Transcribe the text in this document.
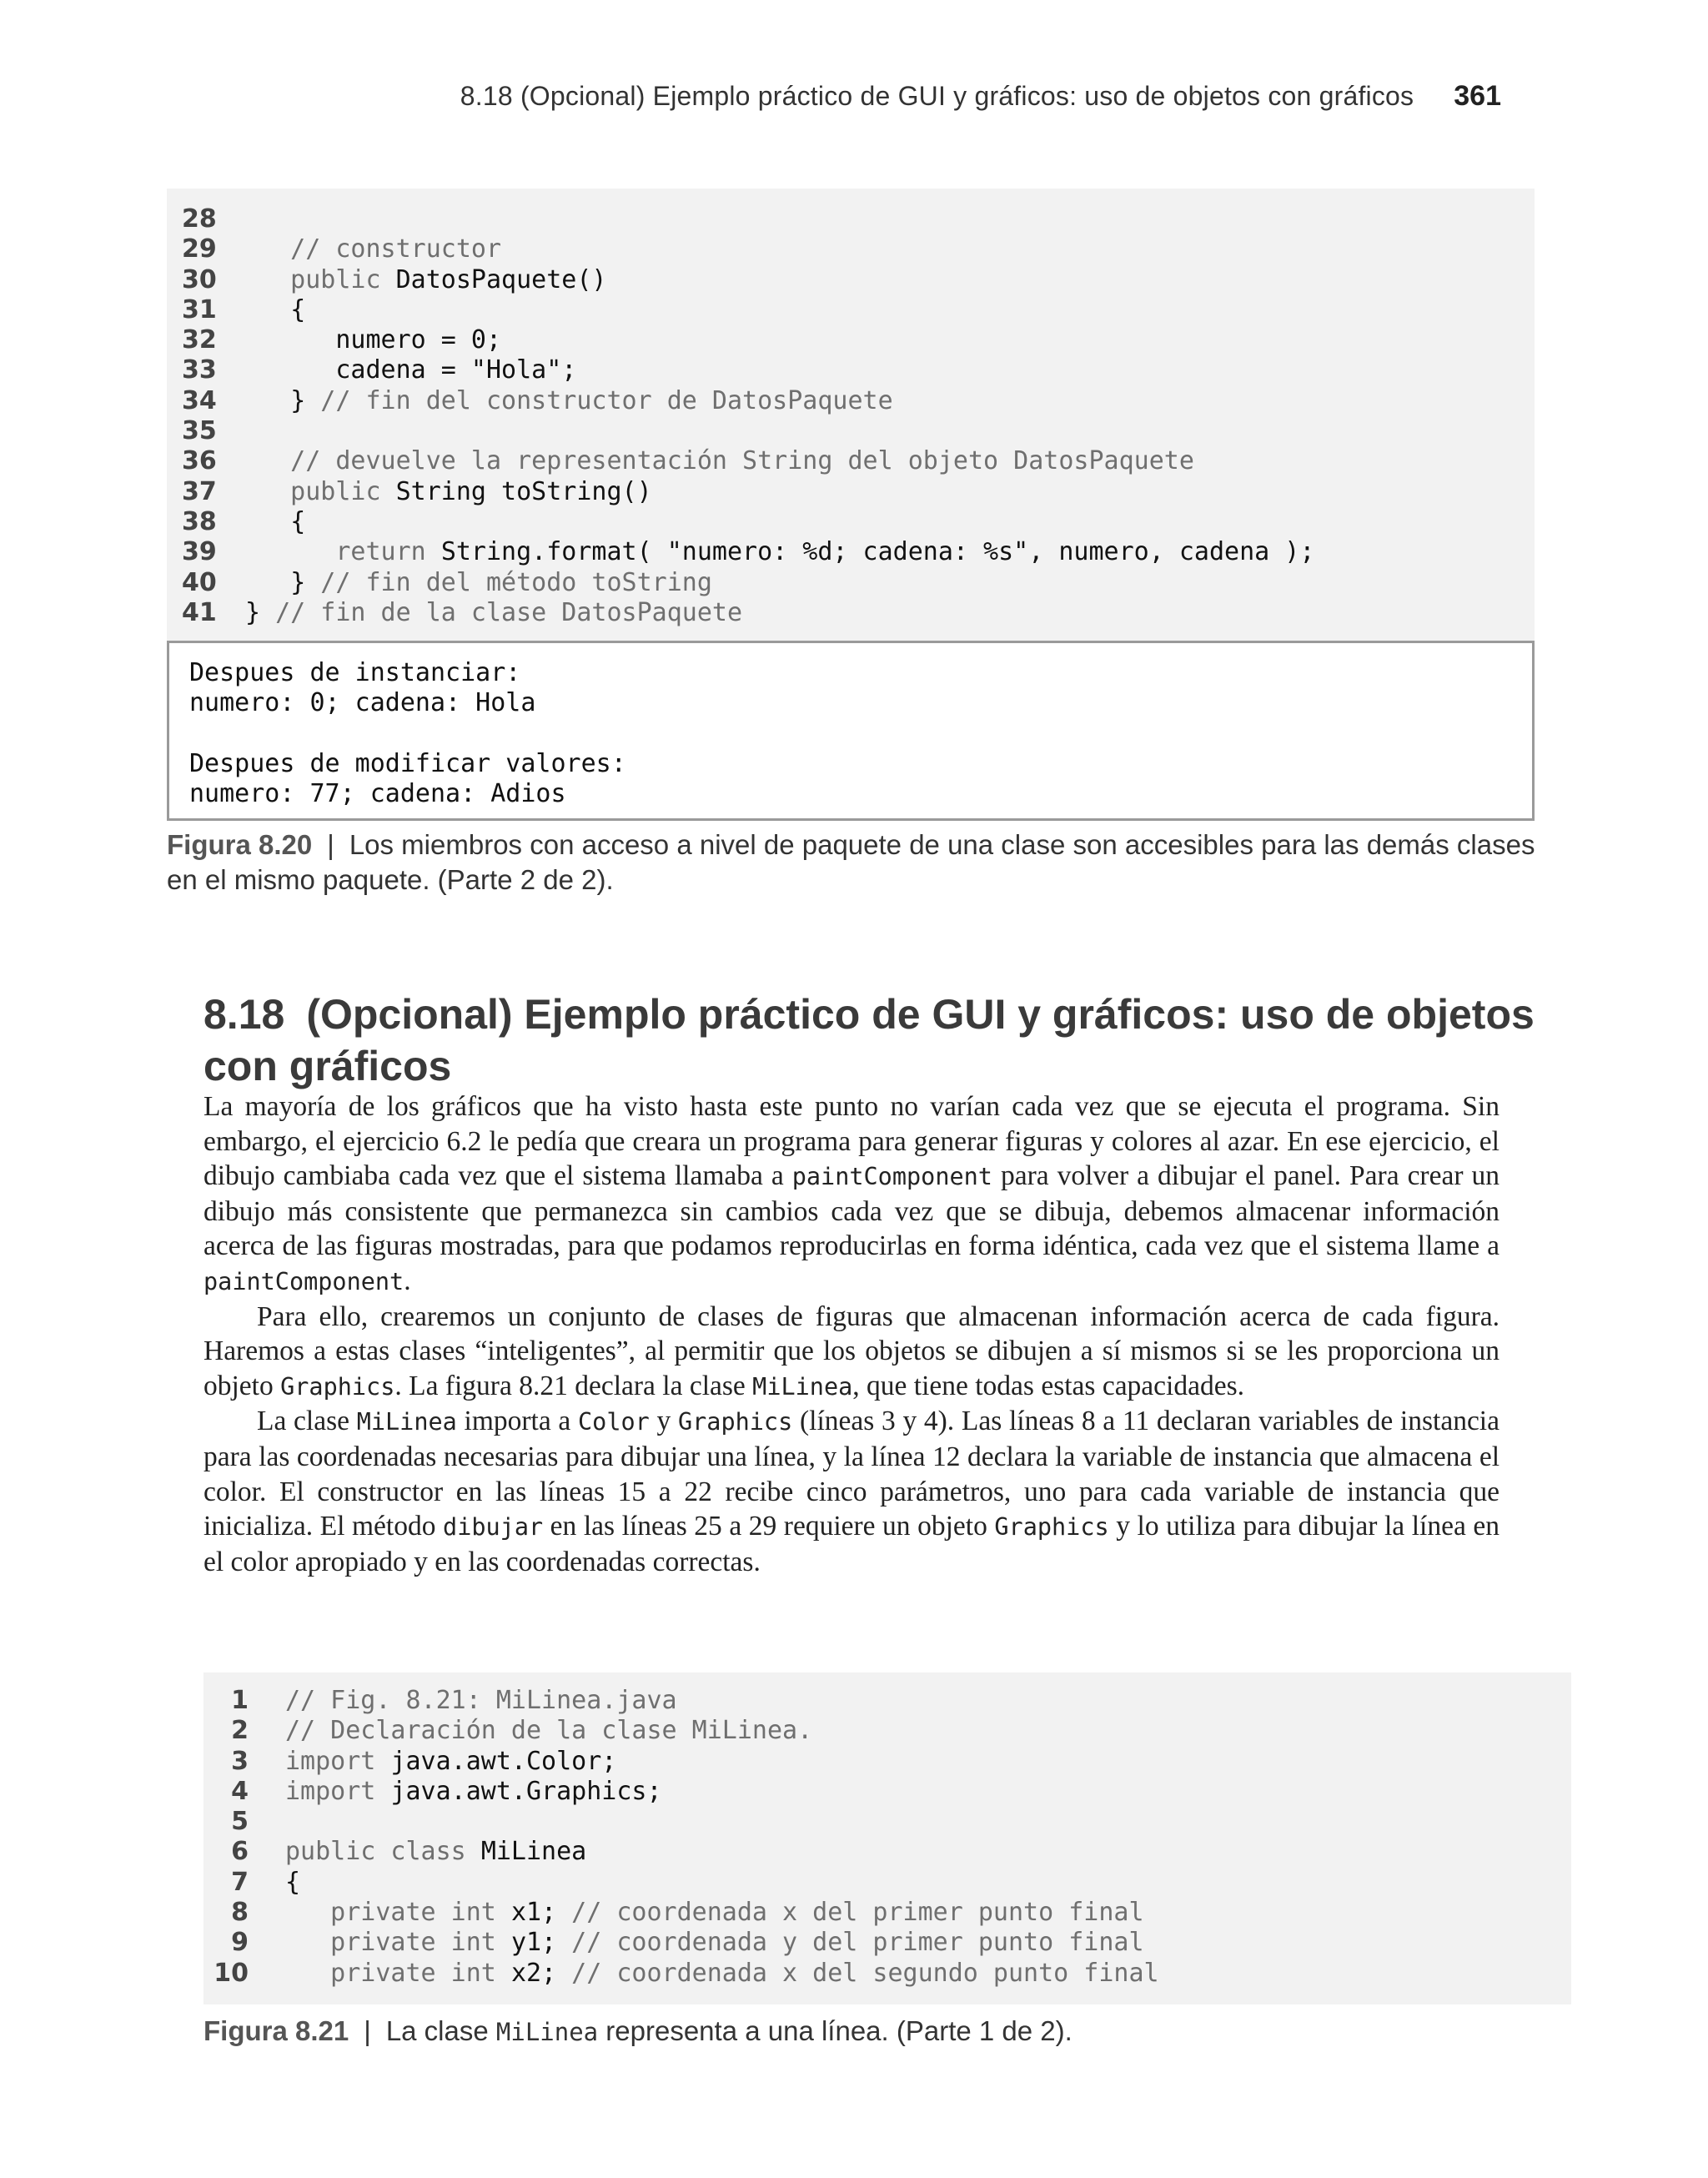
8.18 (Opcional) Ejemplo práctico de GUI y gráficos: uso de objetos con gráficos 361
28
29	// constructor
30	public DatosPaquete()
31	{
32	numero = 0;
33	cadena = "Hola";
34	} // fin del constructor de DatosPaquete
35
36	// devuelve la representación String del objeto DatosPaquete
37	public String toString()
38	{
39	return String.format( "numero: %d; cadena: %s", numero, cadena );
40	} // fin del método toString
41	} // fin de la clase DatosPaquete
Despues de instanciar:
numero: 0; cadena: Hola
Despues de modificar valores:
numero: 77; cadena: Adios
Figura 8.20 | Los miembros con acceso a nivel de paquete de una clase son accesibles para las demás clases en el mismo paquete. (Parte 2 de 2).
8.18 (Opcional) Ejemplo práctico de GUI y gráficos: uso de objetos con gráficos

La mayoría de los gráficos que ha visto hasta este punto no varían cada vez que se ejecuta el programa. Sin embargo, el ejercicio 6.2 le pedía que creara un programa para generar figuras y colores al azar. En ese ejercicio, el dibujo cambiaba cada vez que el sistema llamaba a paintComponent para volver a dibujar el panel. Para crear un dibujo más consistente que permanezca sin cambios cada vez que se dibuja, debemos almacenar información acerca de las figuras mostradas, para que podamos reproducirlas en forma idéntica, cada vez que el sistema llame a paintComponent.

Para ello, crearemos un conjunto de clases de figuras que almacenan información acerca de cada figura. Haremos a estas clases “inteligentes”, al permitir que los objetos se dibujen a sí mismos si se les proporciona un objeto Graphics. La figura 8.21 declara la clase MiLinea, que tiene todas estas capacidades.

La clase MiLinea importa a Color y Graphics (líneas 3 y 4). Las líneas 8 a 11 declaran variables de instancia para las coordenadas necesarias para dibujar una línea, y la línea 12 declara la variable de instancia que almacena el color. El constructor en las líneas 15 a 22 recibe cinco parámetros, uno para cada variable de instancia que inicializa. El método dibujar en las líneas 25 a 29 requiere un objeto Graphics y lo utiliza para dibujar la línea en el color apropiado y en las coordenadas correctas.

1 // Fig. 8.21: MiLinea.java
2 // Declaración de la clase MiLinea.
3 import java.awt.Color;
4 import java.awt.Graphics;
5
6 public class MiLinea
7 {
8 private int x1; // coordenada x del primer punto final
9 private int y1; // coordenada y del primer punto final
10 private int x2; // coordenada x del segundo punto final
Figura 8.21 | La clase MiLinea representa a una línea. (Parte 1 de 2).
